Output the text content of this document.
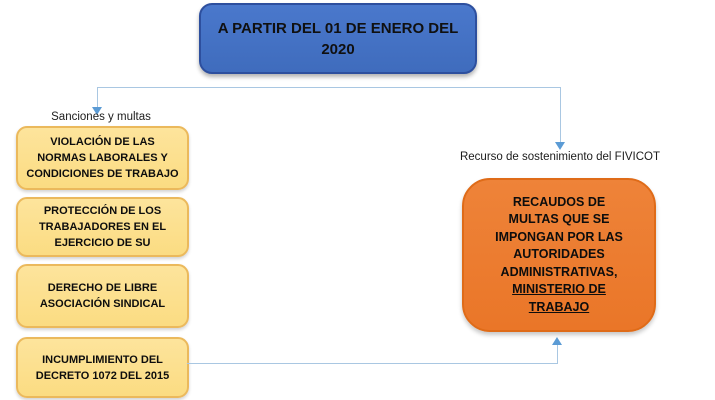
A PARTIR DEL 01 DE ENERO DEL 2020
Sanciones y multas
VIOLACIÓN DE LAS
NORMAS LABORALES Y
CONDICIONES DE TRABAJO
PROTECCIÓN DE LOS
TRABAJADORES EN EL
EJERCICIO DE SU
DERECHO DE LIBRE
ASOCIACIÓN SINDICAL
INCUMPLIMIENTO DEL
DECRETO 1072 DEL 2015
Recurso de sostenimiento del FIVICOT
RECAUDOS DE
MULTAS QUE SE
IMPONGAN POR LAS
AUTORIDADES
ADMINISTRATIVAS,
MINISTERIO DE
TRABAJO
